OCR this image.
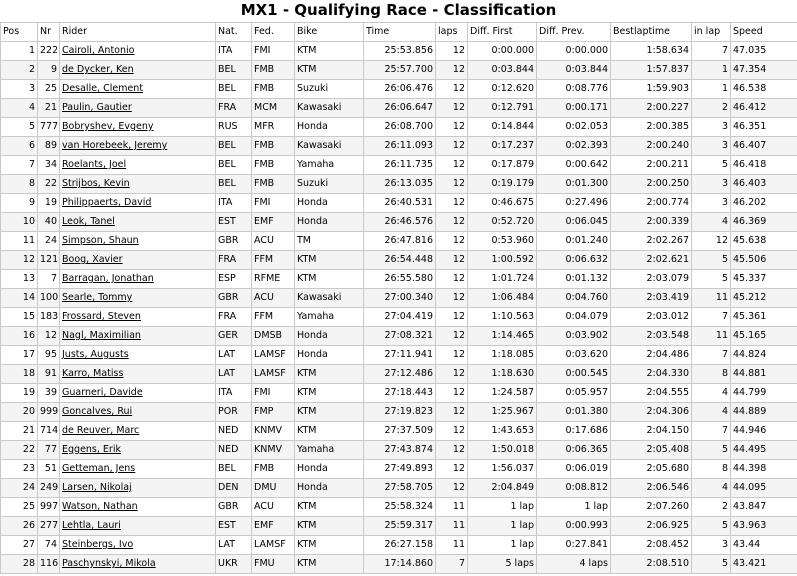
MX1 - Qualifying Race - Classification
Pos	Nr	Rider	Nat.	Fed.	Bike	Time	laps	Diff. First	Diff. Prev.	Bestlaptime	in lap	Speed
1	222	Cairoli, Antonio	ITA	FMI	KTM	25:53.856	12	0:00.000	0:00.000	1:58.634	7	47.035
2	9	de Dycker, Ken	BEL	FMB	KTM	25:57.700	12	0:03.844	0:03.844	1:57.837	1	47.354
3	25	Desalle, Clement	BEL	FMB	Suzuki	26:06.476	12	0:12.620	0:08.776	1:59.903	1	46.538
4	21	Paulin, Gautier	FRA	MCM	Kawasaki	26:06.647	12	0:12.791	0:00.171	2:00.227	2	46.412
5	777	Bobryshev, Evgeny	RUS	MFR	Honda	26:08.700	12	0:14.844	0:02.053	2:00.385	3	46.351
6	89	van Horebeek, Jeremy	BEL	FMB	Kawasaki	26:11.093	12	0:17.237	0:02.393	2:00.240	3	46.407
7	34	Roelants, Joel	BEL	FMB	Yamaha	26:11.735	12	0:17.879	0:00.642	2:00.211	5	46.418
8	22	Strijbos, Kevin	BEL	FMB	Suzuki	26:13.035	12	0:19.179	0:01.300	2:00.250	3	46.403
9	19	Philippaerts, David	ITA	FMI	Honda	26:40.531	12	0:46.675	0:27.496	2:00.774	3	46.202
10	40	Leok, Tanel	EST	EMF	Honda	26:46.576	12	0:52.720	0:06.045	2:00.339	4	46.369
11	24	Simpson, Shaun	GBR	ACU	TM	26:47.816	12	0:53.960	0:01.240	2:02.267	12	45.638
12	121	Boog, Xavier	FRA	FFM	KTM	26:54.448	12	1:00.592	0:06.632	2:02.621	5	45.506
13	7	Barragan, Jonathan	ESP	RFME	KTM	26:55.580	12	1:01.724	0:01.132	2:03.079	5	45.337
14	100	Searle, Tommy	GBR	ACU	Kawasaki	27:00.340	12	1:06.484	0:04.760	2:03.419	11	45.212
15	183	Frossard, Steven	FRA	FFM	Yamaha	27:04.419	12	1:10.563	0:04.079	2:03.012	7	45.361
16	12	Nagl, Maximilian	GER	DMSB	Honda	27:08.321	12	1:14.465	0:03.902	2:03.548	11	45.165
17	95	Justs, Augusts	LAT	LAMSF	Honda	27:11.941	12	1:18.085	0:03.620	2:04.486	7	44.824
18	91	Karro, Matiss	LAT	LAMSF	KTM	27:12.486	12	1:18.630	0:00.545	2:04.330	8	44.881
19	39	Guarneri, Davide	ITA	FMI	KTM	27:18.443	12	1:24.587	0:05.957	2:04.555	4	44.799
20	999	Goncalves, Rui	POR	FMP	KTM	27:19.823	12	1:25.967	0:01.380	2:04.306	4	44.889
21	714	de Reuver, Marc	NED	KNMV	KTM	27:37.509	12	1:43.653	0:17.686	2:04.150	7	44.946
22	77	Eggens, Erik	NED	KNMV	Yamaha	27:43.874	12	1:50.018	0:06.365	2:05.408	5	44.495
23	51	Getteman, Jens	BEL	FMB	Honda	27:49.893	12	1:56.037	0:06.019	2:05.680	8	44.398
24	249	Larsen, Nikolaj	DEN	DMU	Honda	27:58.705	12	2:04.849	0:08.812	2:06.546	4	44.095
25	997	Watson, Nathan	GBR	ACU	KTM	25:58.324	11	1 lap	1 lap	2:07.260	2	43.847
26	277	Lehtla, Lauri	EST	EMF	KTM	25:59.317	11	1 lap	0:00.993	2:06.925	5	43.963
27	74	Steinbergs, Ivo	LAT	LAMSF	KTM	26:27.158	11	1 lap	0:27.841	2:08.452	3	43.44
28	116	Paschynskyi, Mikola	UKR	FMU	KTM	17:14.860	7	5 laps	4 laps	2:08.510	5	43.421
